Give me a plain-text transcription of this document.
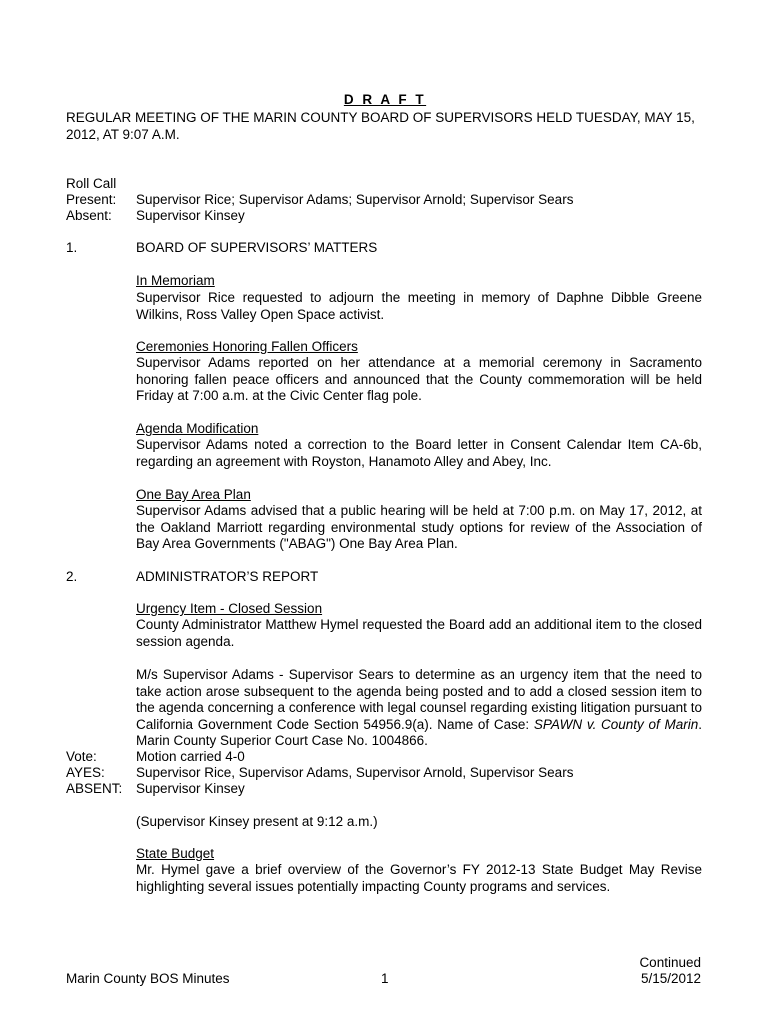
D R A F T
REGULAR MEETING OF THE MARIN COUNTY BOARD OF SUPERVISORS HELD TUESDAY, MAY 15, 2012, AT 9:07 A.M.
Roll Call
Present: Supervisor Rice; Supervisor Adams; Supervisor Arnold; Supervisor Sears
Absent: Supervisor Kinsey
1.	BOARD OF SUPERVISORS’ MATTERS
In Memoriam
Supervisor Rice requested to adjourn the meeting in memory of Daphne Dibble Greene Wilkins, Ross Valley Open Space activist.
Ceremonies Honoring Fallen Officers
Supervisor Adams reported on her attendance at a memorial ceremony in Sacramento honoring fallen peace officers and announced that the County commemoration will be held Friday at 7:00 a.m. at the Civic Center flag pole.
Agenda Modification
Supervisor Adams noted a correction to the Board letter in Consent Calendar Item CA-6b, regarding an agreement with Royston, Hanamoto Alley and Abey, Inc.
One Bay Area Plan
Supervisor Adams advised that a public hearing will be held at 7:00 p.m. on May 17, 2012, at the Oakland Marriott regarding environmental study options for review of the Association of Bay Area Governments ("ABAG") One Bay Area Plan.
2.	ADMINISTRATOR’S REPORT
Urgency Item - Closed Session
County Administrator Matthew Hymel requested the Board add an additional item to the closed session agenda.
M/s Supervisor Adams - Supervisor Sears to determine as an urgency item that the need to take action arose subsequent to the agenda being posted and to add a closed session item to the agenda concerning a conference with legal counsel regarding existing litigation pursuant to California Government Code Section 54956.9(a). Name of Case: SPAWN v. County of Marin. Marin County Superior Court Case No. 1004866.
Vote:	Motion carried 4-0
AYES: Supervisor Rice, Supervisor Adams, Supervisor Arnold, Supervisor Sears
ABSENT: Supervisor Kinsey
(Supervisor Kinsey present at 9:12 a.m.)
State Budget
Mr. Hymel gave a brief overview of the Governor’s FY 2012-13 State Budget May Revise highlighting several issues potentially impacting County programs and services.
Marin County BOS Minutes	1
Continued
5/15/2012
